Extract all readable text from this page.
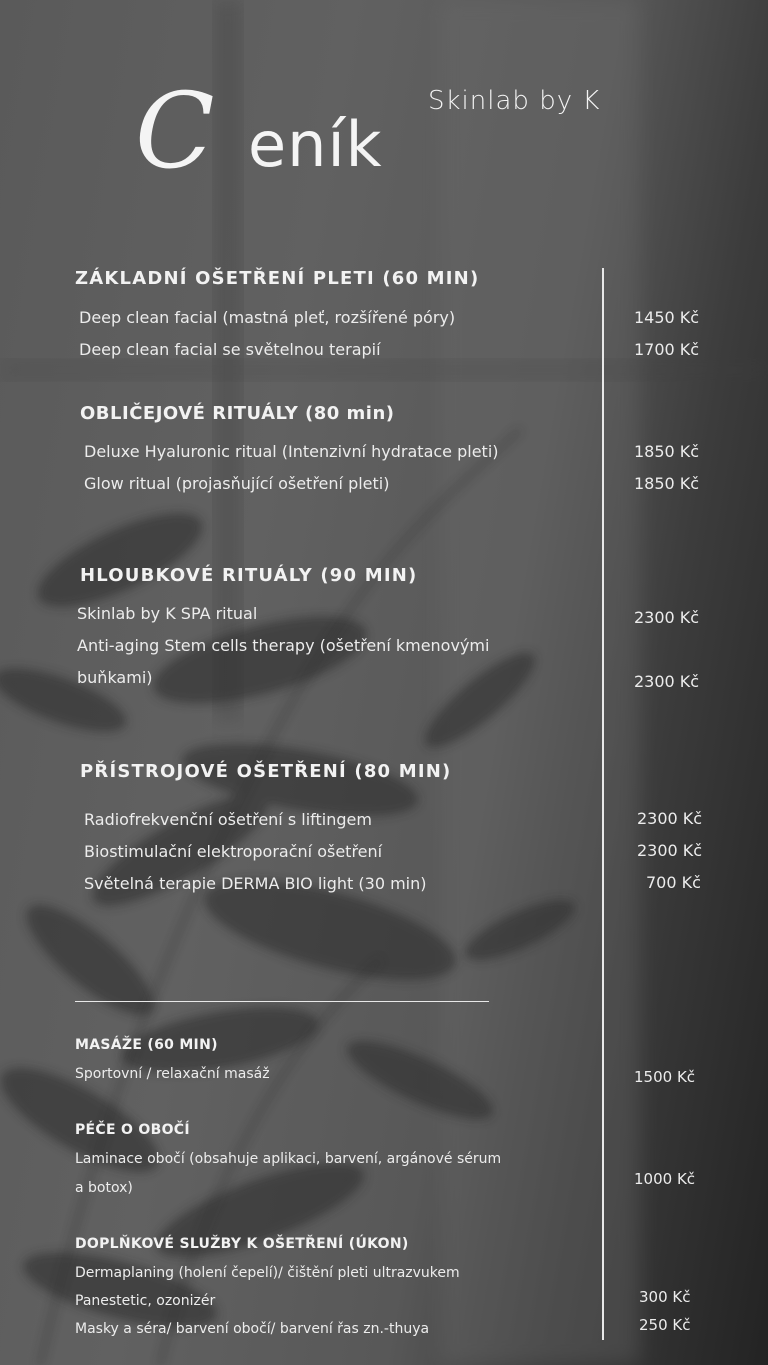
C eník
Skinlab by K
ZÁKLADNÍ OŠETŘENÍ PLETI (60 MIN)
Deep clean facial (mastná pleť, rozšířené póry)	1450 Kč
Deep clean facial se světelnou terapií	1700 Kč
OBLIČEJOVÉ RITUÁLY (80 min)
Deluxe Hyaluronic ritual (Intenzivní hydratace pleti)	1850 Kč
Glow ritual (projasňující ošetření pleti)	1850 Kč
HLOUBKOVÉ RITUÁLY (90 MIN)
Skinlab by K SPA ritual	2300 Kč
Anti-aging Stem cells therapy (ošetření kmenovými
buňkami)	2300 Kč
PŘÍSTROJOVÉ OŠETŘENÍ (80 MIN)
Radiofrekvenční ošetření s liftingem	2300 Kč
Biostimulační elektroporační ošetření	2300 Kč
Světelná terapie DERMA BIO light (30 min)	700 Kč
MASÁŽE (60 MIN)
Sportovní / relaxační masáž	1500 Kč
PÉČE O OBOČÍ
Laminace obočí (obsahuje aplikaci, barvení, argánové sérum
a botox)	1000 Kč
DOPLŇKOVÉ SLUŽBY K OŠETŘENÍ (ÚKON)
Dermaplaning (holení čepelí)/ čištění pleti ultrazvukem
Panestetic, ozonizér	300 Kč
Masky a séra/ barvení obočí/ barvení řas zn.-thuya	250 Kč
